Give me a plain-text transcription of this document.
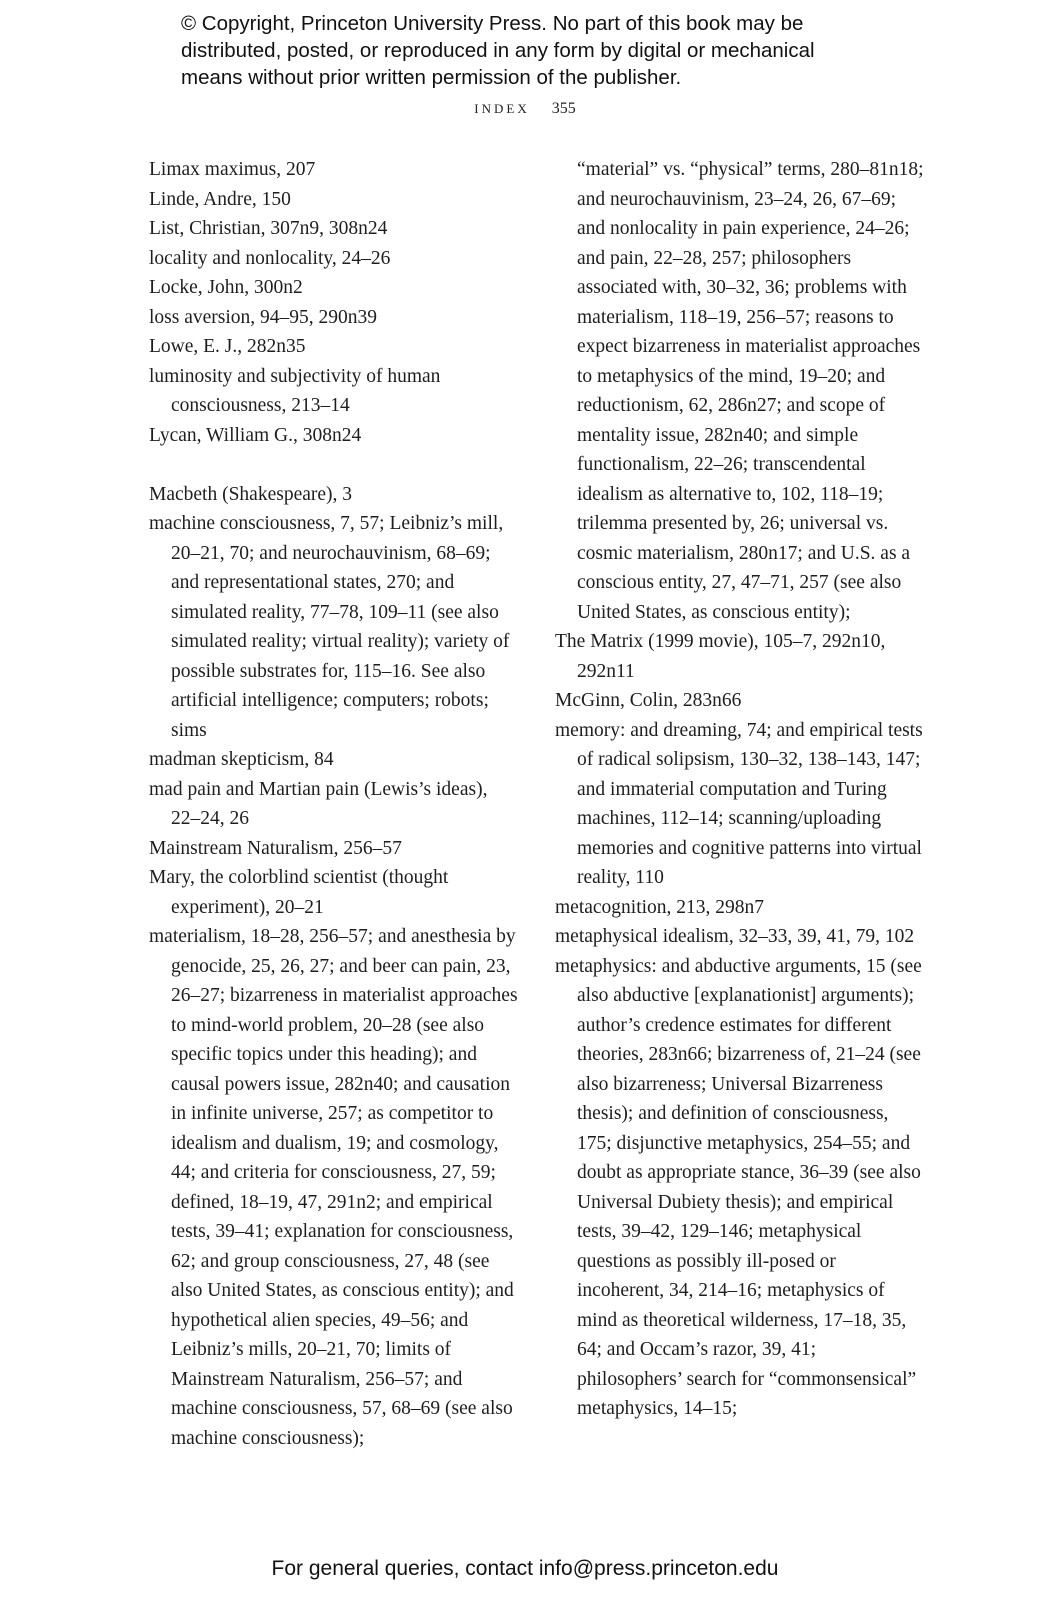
© Copyright, Princeton University Press. No part of this book may be
distributed, posted, or reproduced in any form by digital or mechanical
means without prior written permission of the publisher.
INDEX 355
Limax maximus, 207
Linde, Andre, 150
List, Christian, 307n9, 308n24
locality and nonlocality, 24–26
Locke, John, 300n2
loss aversion, 94–95, 290n39
Lowe, E. J., 282n35
luminosity and subjectivity of human consciousness, 213–14
Lycan, William G., 308n24
Macbeth (Shakespeare), 3
machine consciousness, 7, 57; Leibniz’s mill, 20–21, 70; and neurochauvinism, 68–69; and representational states, 270; and simulated reality, 77–78, 109–11 (see also simulated reality; virtual reality); variety of possible substrates for, 115–16. See also artificial intelligence; computers; robots; sims
madman skepticism, 84
mad pain and Martian pain (Lewis’s ideas), 22–24, 26
Mainstream Naturalism, 256–57
Mary, the colorblind scientist (thought experiment), 20–21
materialism, 18–28, 256–57; and anesthesia by genocide, 25, 26, 27; and beer can pain, 23, 26–27; bizarreness in materialist approaches to mind-world problem, 20–28 (see also specific topics under this heading); and causal powers issue, 282n40; and causation in infinite universe, 257; as competitor to idealism and dualism, 19; and cosmology, 44; and criteria for consciousness, 27, 59; defined, 18–19, 47, 291n2; and empirical tests, 39–41; explanation for consciousness, 62; and group consciousness, 27, 48 (see also United States, as conscious entity); and hypothetical alien species, 49–56; and Leibniz’s mills, 20–21, 70; limits of Mainstream Naturalism, 256–57; and machine consciousness, 57, 68–69 (see also machine consciousness);
“material” vs. “physical” terms, 280–81n18; and neurochauvinism, 23–24, 26, 67–69; and nonlocality in pain experience, 24–26; and pain, 22–28, 257; philosophers associated with, 30–32, 36; problems with materialism, 118–19, 256–57; reasons to expect bizarreness in materialist approaches to metaphysics of the mind, 19–20; and reductionism, 62, 286n27; and scope of mentality issue, 282n40; and simple functionalism, 22–26; transcendental idealism as alternative to, 102, 118–19; trilemma presented by, 26; universal vs. cosmic materialism, 280n17; and U.S. as a conscious entity, 27, 47–71, 257 (see also United States, as conscious entity);
The Matrix (1999 movie), 105–7, 292n10, 292n11
McGinn, Colin, 283n66
memory: and dreaming, 74; and empirical tests of radical solipsism, 130–32, 138–143, 147; and immaterial computation and Turing machines, 112–14; scanning/uploading memories and cognitive patterns into virtual reality, 110
metacognition, 213, 298n7
metaphysical idealism, 32–33, 39, 41, 79, 102
metaphysics: and abductive arguments, 15 (see also abductive [explanationist] arguments); author’s credence estimates for different theories, 283n66; bizarreness of, 21–24 (see also bizarreness; Universal Bizarreness thesis); and definition of consciousness, 175; disjunctive metaphysics, 254–55; and doubt as appropriate stance, 36–39 (see also Universal Dubiety thesis); and empirical tests, 39–42, 129–146; metaphysical questions as possibly ill-posed or incoherent, 34, 214–16; metaphysics of mind as theoretical wilderness, 17–18, 35, 64; and Occam’s razor, 39, 41; philosophers’ search for “commonsensical” metaphysics, 14–15;
For general queries, contact info@press.princeton.edu
